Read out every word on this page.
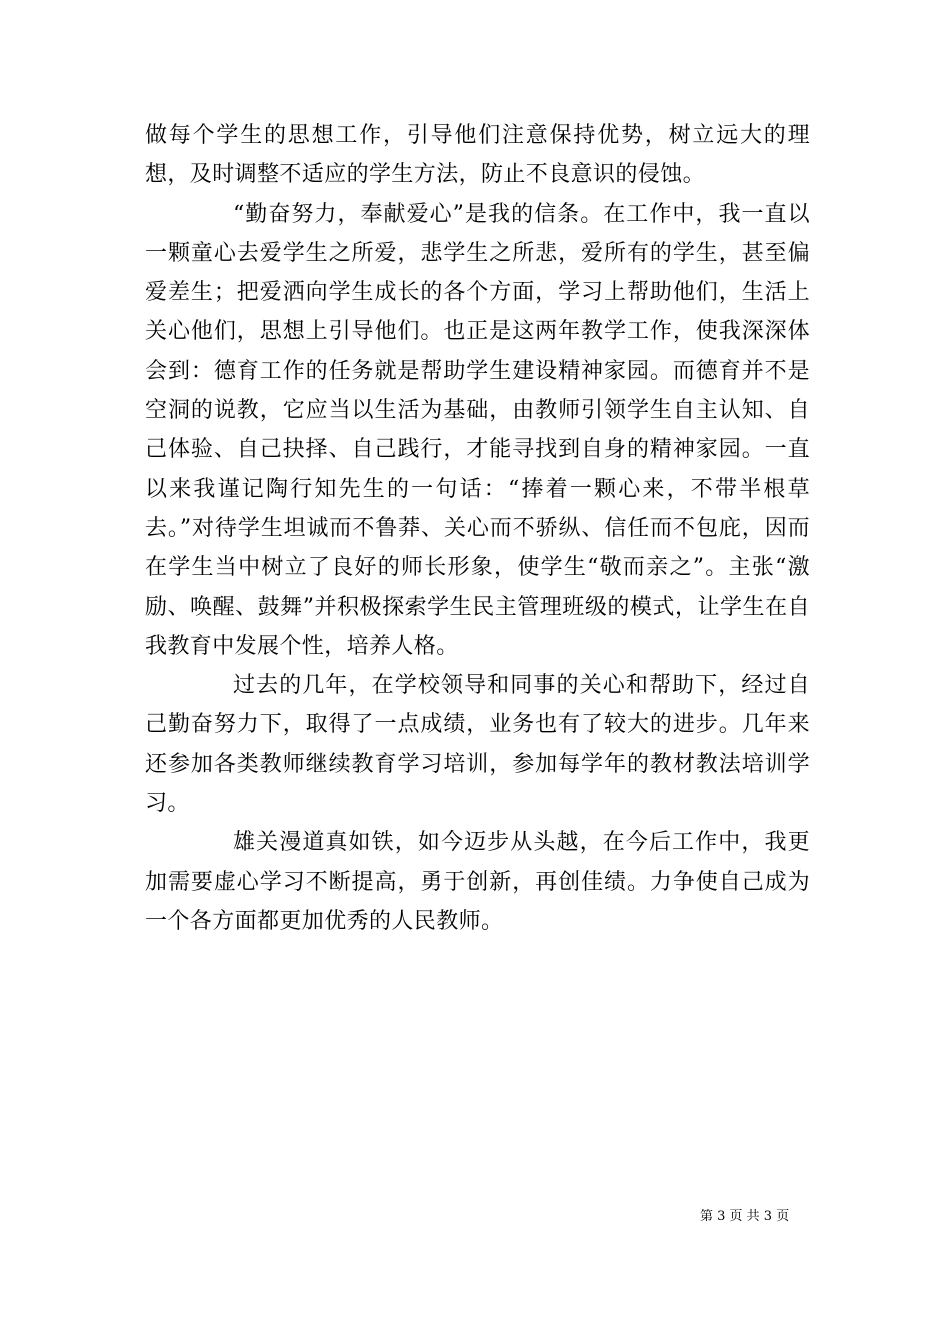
做每个学生的思想工作，引导他们注意保持优势，树立远大的理想，及时调整不适应的学生方法，防止不良意识的侵蚀。

“勤奋努力，奉献爱心”是我的信条。在工作中，我一直以一颗童心去爱学生之所爱，悲学生之所悲，爱所有的学生，甚至偏爱差生；把爱洒向学生成长的各个方面，学习上帮助他们，生活上关心他们，思想上引导他们。也正是这两年教学工作，使我深深体会到：德育工作的任务就是帮助学生建设精神家园。而德育并不是空洞的说教，它应当以生活为基础，由教师引领学生自主认知、自己体验、自己抉择、自己践行，才能寻找到自身的精神家园。一直以来我谨记陶行知先生的一句话：“捧着一颗心来，不带半根草去。”对待学生坦诚而不鲁莽、关心而不骄纵、信任而不包庇，因而在学生当中树立了良好的师长形象，使学生“敬而亲之”。主张“激励、唤醒、鼓舞”并积极探索学生民主管理班级的模式，让学生在自我教育中发展个性，培养人格。

过去的几年，在学校领导和同事的关心和帮助下，经过自己勤奋努力下，取得了一点成绩，业务也有了较大的进步。几年来还参加各类教师继续教育学习培训，参加每学年的教材教法培训学习。

雄关漫道真如铁，如今迈步从头越，在今后工作中，我更加需要虚心学习不断提高，勇于创新，再创佳绩。力争使自己成为一个各方面都更加优秀的人民教师。

第 3 页 共 3 页
